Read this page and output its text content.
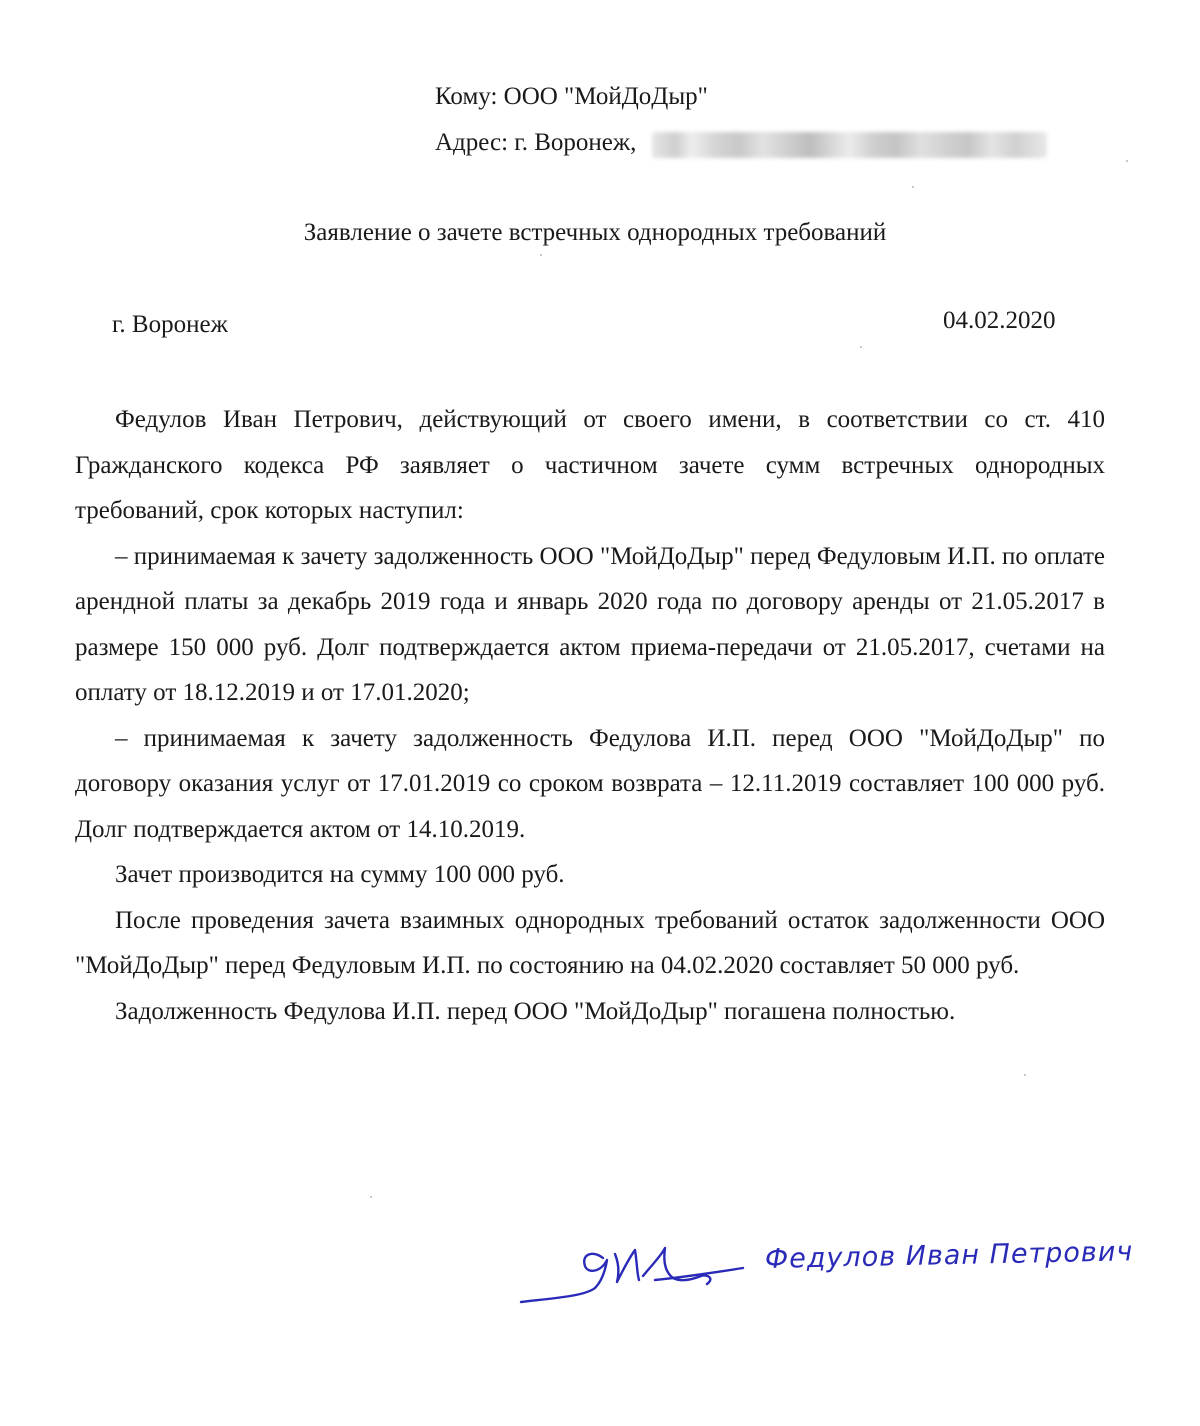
Кому: ООО "МойДоДыр"
Адрес: г. Воронеж,
Заявление о зачете встречных однородных требований
г. Воронеж	04.02.2020

Федулов Иван Петрович, действующий от своего имени, в соответствии со ст. 410 Гражданского кодекса РФ заявляет о частичном зачете сумм встречных однородных требований, срок которых наступил:

– принимаемая к зачету задолженность ООО "МойДоДыр" перед Федуловым И.П. по оплате арендной платы за декабрь 2019 года и январь 2020 года по договору аренды от 21.05.2017 в размере 150 000 руб. Долг подтверждается актом приема-передачи от 21.05.2017, счетами на оплату от 18.12.2019 и от 17.01.2020;

– принимаемая к зачету задолженность Федулова И.П. перед ООО "МойДоДыр" по договору оказания услуг от 17.01.2019 со сроком возврата – 12.11.2019 составляет 100 000 руб. Долг подтверждается актом от 14.10.2019.

Зачет производится на сумму 100 000 руб.

После проведения зачета взаимных однородных требований остаток задолженности ООО "МойДоДыр" перед Федуловым И.П. по состоянию на 04.02.2020 составляет 50 000 руб.

Задолженность Федулова И.П. перед ООО "МойДоДыр" погашена полностью.

Федулов Иван Петрович
